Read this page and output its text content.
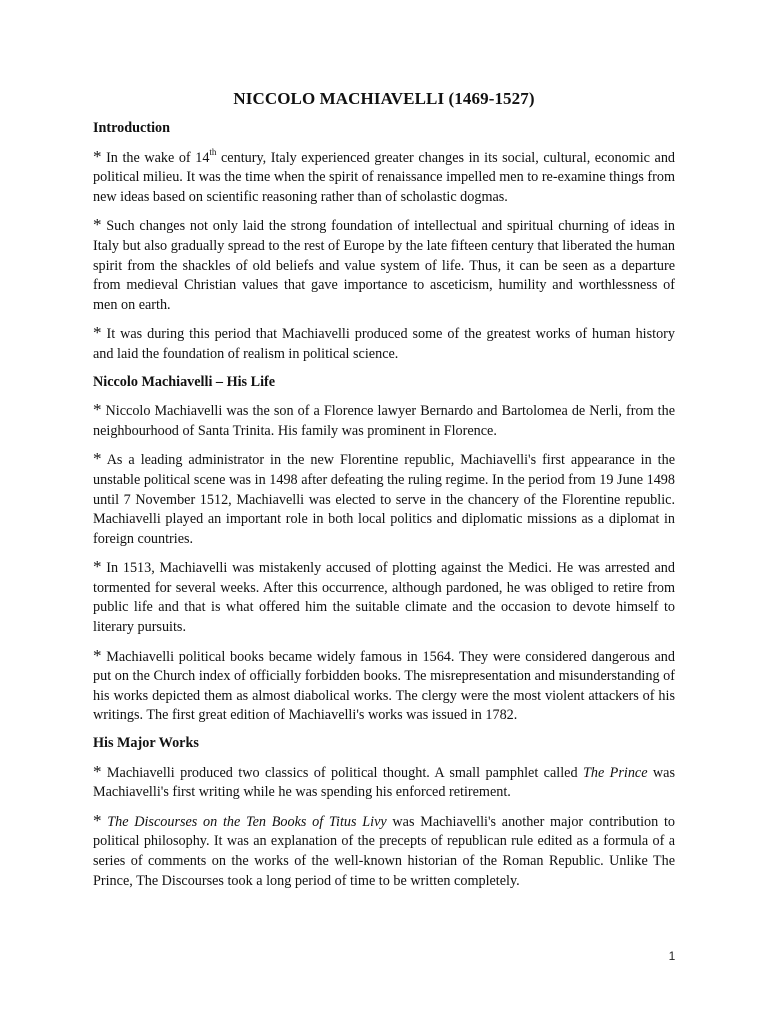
NICCOLO MACHIAVELLI (1469-1527)
Introduction

* In the wake of 14th century, Italy experienced greater changes in its social, cultural, economic and political milieu. It was the time when the spirit of renaissance impelled men to re-examine things from new ideas based on scientific reasoning rather than of scholastic dogmas.

* Such changes not only laid the strong foundation of intellectual and spiritual churning of ideas in Italy but also gradually spread to the rest of Europe by the late fifteen century that liberated the human spirit from the shackles of old beliefs and value system of life. Thus, it can be seen as a departure from medieval Christian values that gave importance to asceticism, humility and worthlessness of men on earth.

* It was during this period that Machiavelli produced some of the greatest works of human history and laid the foundation of realism in political science.

Niccolo Machiavelli – His Life

* Niccolo Machiavelli was the son of a Florence lawyer Bernardo and Bartolomea de Nerli, from the neighbourhood of Santa Trinita. His family was prominent in Florence.

* As a leading administrator in the new Florentine republic, Machiavelli's first appearance in the unstable political scene was in 1498 after defeating the ruling regime. In the period from 19 June 1498 until 7 November 1512, Machiavelli was elected to serve in the chancery of the Florentine republic. Machiavelli played an important role in both local politics and diplomatic missions as a diplomat in foreign countries.

* In 1513, Machiavelli was mistakenly accused of plotting against the Medici. He was arrested and tormented for several weeks. After this occurrence, although pardoned, he was obliged to retire from public life and that is what offered him the suitable climate and the occasion to devote himself to literary pursuits.

* Machiavelli political books became widely famous in 1564. They were considered dangerous and put on the Church index of officially forbidden books. The misrepresentation and misunderstanding of his works depicted them as almost diabolical works. The clergy were the most violent attackers of his writings. The first great edition of Machiavelli's works was issued in 1782.

His Major Works

* Machiavelli produced two classics of political thought. A small pamphlet called The Prince was Machiavelli's first writing while he was spending his enforced retirement.

* The Discourses on the Ten Books of Titus Livy was Machiavelli's another major contribution to political philosophy. It was an explanation of the precepts of republican rule edited as a formula of a series of comments on the works of the well-known historian of the Roman Republic. Unlike The Prince, The Discourses took a long period of time to be written completely.

1
